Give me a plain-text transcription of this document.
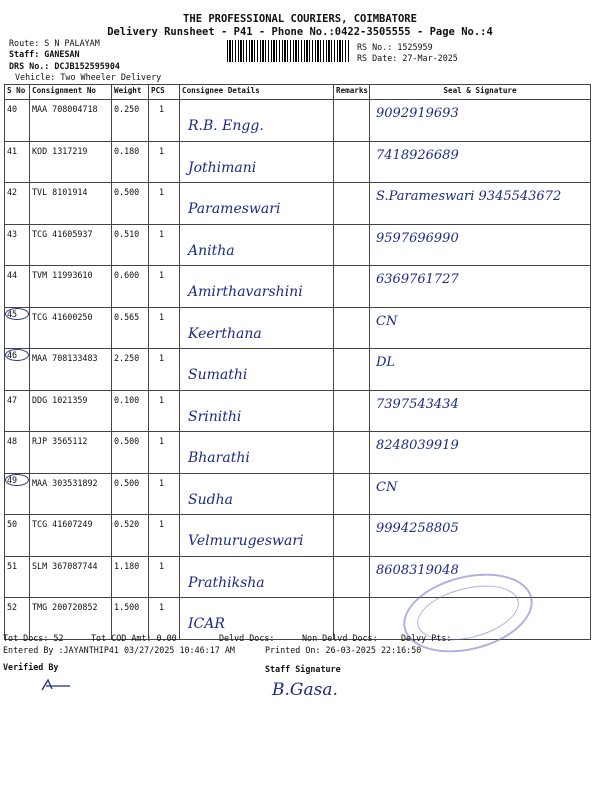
THE PROFESSIONAL COURIERS, COIMBATORE
Delivery Runsheet - P41 - Phone No.:0422-3505555 - Page No.:4
Route: S N PALAYAM
Staff: GANESAN
DRS No.: DCJB152595904
Vehicle: Two Wheeler Delivery
RS No.: 1525959
RS Date: 27-Mar-2025
S No	Consignment No	Weight	PCS	Consignee Details	Remarks	Seal & Signature

40	MAA 708004718	0.250	1	R.B. Engg.		9092919693

41	KOD 1317219	0.180	1	Jothimani		7418926689

42	TVL 8101914	0.500	1	Parameswari		S.Parameswari 9345543672

43	TCG 41605937	0.510	1	Anitha		9597696990

44	TVM 11993610	0.600	1	Amirthavarshini		6369761727

45	TCG 41600250	0.565	1	Keerthana		CN

46	MAA 708133483	2.250	1	Sumathi		DL

47	DDG 1021359	0.100	1	Srinithi		7397543434

48	RJP 3565112	0.500	1	Bharathi		8248039919

49	MAA 303531892	0.500	1	Sudha		CN

50	TCG 41607249	0.520	1	Velmurugeswari		9994258805

51	SLM 367087744	1.180	1	Prathiksha		8608319048

52	TMG 200720852	1.500	1	ICAR		

Tot Docs: 52	Tot COD Amt: 0.00	Delvd Docs:	Non Delvd Docs:	Delvy Pts:
Entered By :JAYANTHIP41 03/27/2025 10:46:17 AM	Printed On: 26-03-2025 22:16:50
Verified By	Staff Signature
B.Gasa.
